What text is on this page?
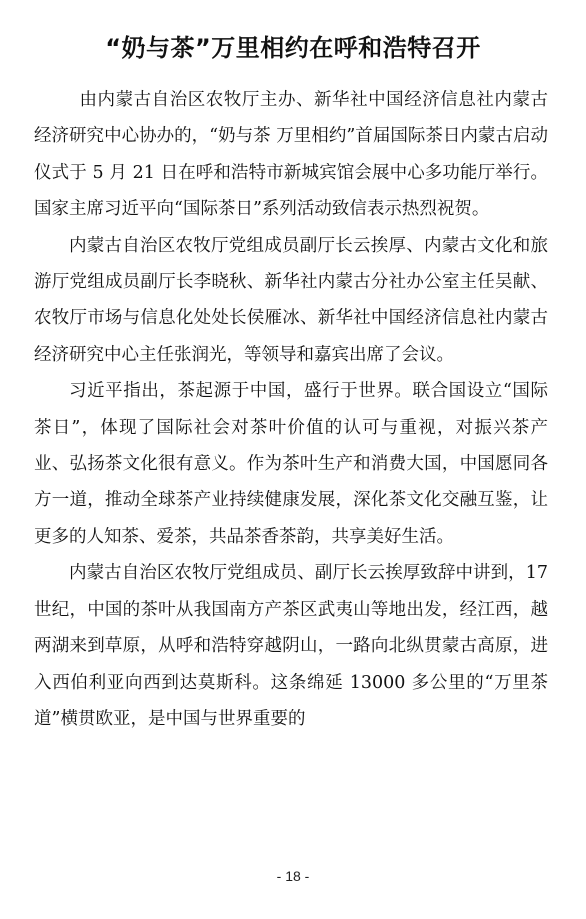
“奶与茶”万里相约在呼和浩特召开

由内蒙古自治区农牧厅主办、新华社中国经济信息社内蒙古经济研究中心协办的，“奶与茶 万里相约”首届国际茶日内蒙古启动仪式于 5 月 21 日在呼和浩特市新城宾馆会展中心多功能厅举行。国家主席习近平向“国际茶日”系列活动致信表示热烈祝贺。

内蒙古自治区农牧厅党组成员副厅长云挨厚、内蒙古文化和旅游厅党组成员副厅长李晓秋、新华社内蒙古分社办公室主任吴献、农牧厅市场与信息化处处长侯雁冰、新华社中国经济信息社内蒙古经济研究中心主任张润光，等领导和嘉宾出席了会议。

习近平指出，茶起源于中国，盛行于世界。联合国设立“国际茶日”，体现了国际社会对茶叶价值的认可与重视，对振兴茶产业、弘扬茶文化很有意义。作为茶叶生产和消费大国，中国愿同各方一道，推动全球茶产业持续健康发展，深化茶文化交融互鉴，让更多的人知茶、爱茶，共品茶香茶韵，共享美好生活。

内蒙古自治区农牧厅党组成员、副厅长云挨厚致辞中讲到，17 世纪，中国的茶叶从我国南方产茶区武夷山等地出发，经江西，越两湖来到草原，从呼和浩特穿越阴山，一路向北纵贯蒙古高原，进入西伯利亚向西到达莫斯科。这条绵延 13000 多公里的“万里茶道”横贯欧亚，是中国与世界重要的

- 18 -
